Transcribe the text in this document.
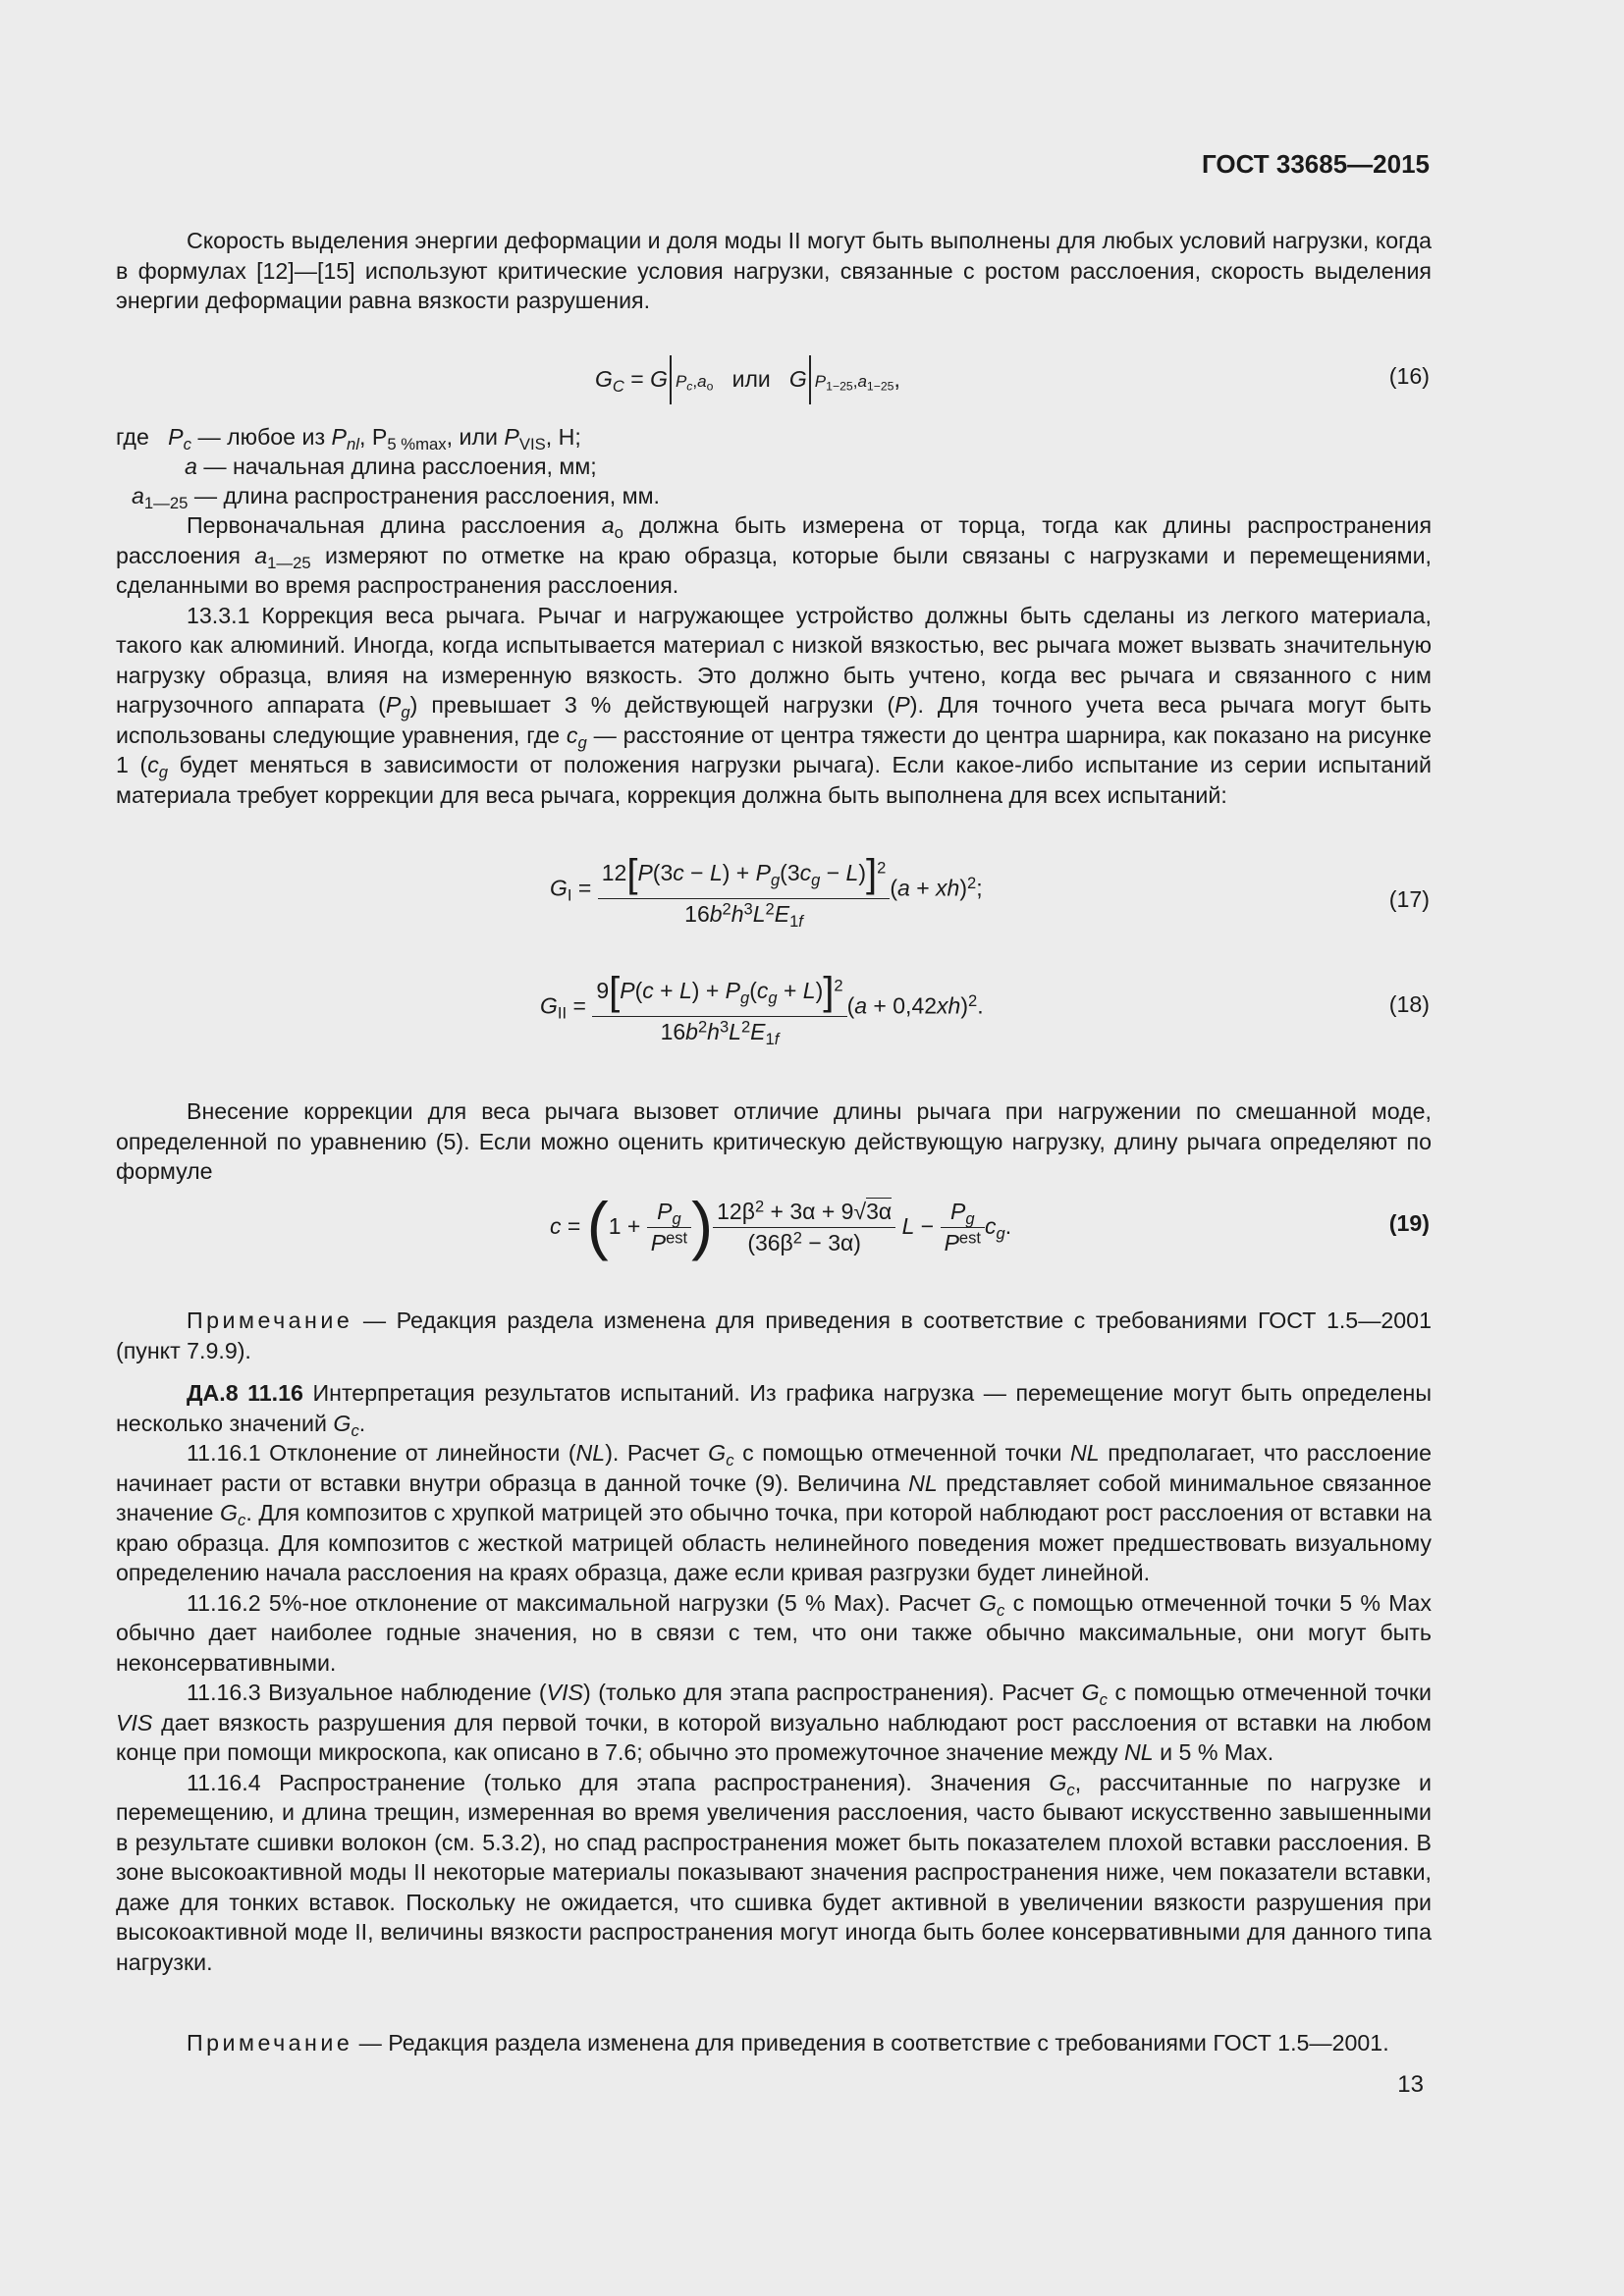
ГОСТ 33685—2015

Скорость выделения энергии деформации и доля моды II могут быть выполнены для любых условий нагрузки, когда в формулах [12]—[15] используют критические условия нагрузки, связанные с ростом расслоения, скорость выделения энергии деформации равна вязкости разрушения.

$G_C = G$ $P_c,a_o$ или G $P_{1-25},a_{1-25}$,	(16)
где $P_c$ — любое из $P_{nl}$, $P_{5 \%max}$, или $P_{VIS}$, Н;
a — начальная длина расслоения, мм;
$a_{1—25}$ — длина распространения расслоения, мм.

Первоначальная длина расслоения $a_o$ должна быть измерена от торца, тогда как длины распространения расслоения $a_{1—25}$ измеряют по отметке на краю образца, которые были связаны с нагрузками и перемещениями, сделанными во время распространения расслоения.

13.3.1 Коррекция веса рычага. Рычаг и нагружающее устройство должны быть сделаны из легкого материала, такого как алюминий. Иногда, когда испытывается материал с низкой вязкостью, вес рычага может вызвать значительную нагрузку образца, влияя на измеренную вязкость. Это должно быть учтено, когда вес рычага и связанного с ним нагрузочного аппарата $(P_g)$ превышает 3 % действующей нагрузки (P). Для точного учета веса рычага могут быть использованы следующие уравнения, где $c_g$ — расстояние от центра тяжести до центра шарнира, как показано на рисунке 1 ($c_g$ будет меняться в зависимости от положения нагрузки рычага). Если какое-либо испытание из серии испытаний материала требует коррекции для веса рычага, коррекция должна быть выполнена для всех испытаний:

$G_I = \frac{12[P(3c - L) + P_g(3c_g - L)]^2}{16b^2h^3L^2E_{1f}} (a + xh)^2$;	(17)
$G_{II} = \frac{9[P(c + L) + P_g(c_g + L)]^2}{16b^2h^3L^2E_{1f}} (a + 0,42xh)^2$.	(18)

Внесение коррекции для веса рычага вызовет отличие длины рычага при нагружении по смешанной моде, определенной по уравнению (5). Если можно оценить критическую действующую нагрузку, длину рычага определяют по формуле

$c = (1 + \frac{P_g}{P^{est}}$ ) $\frac{12\beta^2 + 3\alpha + 9√3\alpha}{(36\beta^2 - 3\alpha)}$ $L - \frac{P_g}{P^{est}} c_g$.	(19)

Примечание — Редакция раздела изменена для приведения в соответствие с требованиями ГОСТ 1.5—2001 (пункт 7.9.9).

ДА.8 11.16 Интерпретация результатов испытаний. Из графика нагрузка — перемещение могут быть определены несколько значений $G_c$.

11.16.1 Отклонение от линейности (NL). Расчет $G_c$ с помощью отмеченной точки NL предполагает, что расслоение начинает расти от вставки внутри образца в данной точке (9). Величина NL представляет собой минимальное связанное значение $G_c$. Для композитов с хрупкой матрицей это обычно точка, при которой наблюдают рост расслоения от вставки на краю образца. Для композитов с жесткой матрицей область нелинейного поведения может предшествовать визуальному определению начала расслоения на краях образца, даже если кривая разгрузки будет линейной.

11.16.2 5%-ное отклонение от максимальной нагрузки (5 % Max). Расчет $G_c$ с помощью отмеченной точки 5 % Max обычно дает наиболее годные значения, но в связи с тем, что они также обычно максимальные, они могут быть неконсервативными.

11.16.3 Визуальное наблюдение (VIS) (только для этапа распространения). Расчет $G_c$ с помощью отмеченной точки VIS дает вязкость разрушения для первой точки, в которой визуально наблюдают рост расслоения от вставки на любом конце при помощи микроскопа, как описано в 7.6; обычно это промежуточное значение между NL и 5 % Max.

11.16.4 Распространение (только для этапа распространения). Значения $G_c$, рассчитанные по нагрузке и перемещению, и длина трещин, измеренная во время увеличения расслоения, часто бывают искусственно завышенными в результате сшивки волокон (см. 5.3.2), но спад распространения может быть показателем плохой вставки расслоения. В зоне высокоактивной моды II некоторые материалы показывают значения распространения ниже, чем показатели вставки, даже для тонких вставок. Поскольку не ожидается, что сшивка будет активной в увеличении вязкости разрушения при высокоактивной моде II, величины вязкости распространения могут иногда быть более консервативными для данного типа нагрузки.

Примечание — Редакция раздела изменена для приведения в соответствие с требованиями ГОСТ 1.5—2001.

13
